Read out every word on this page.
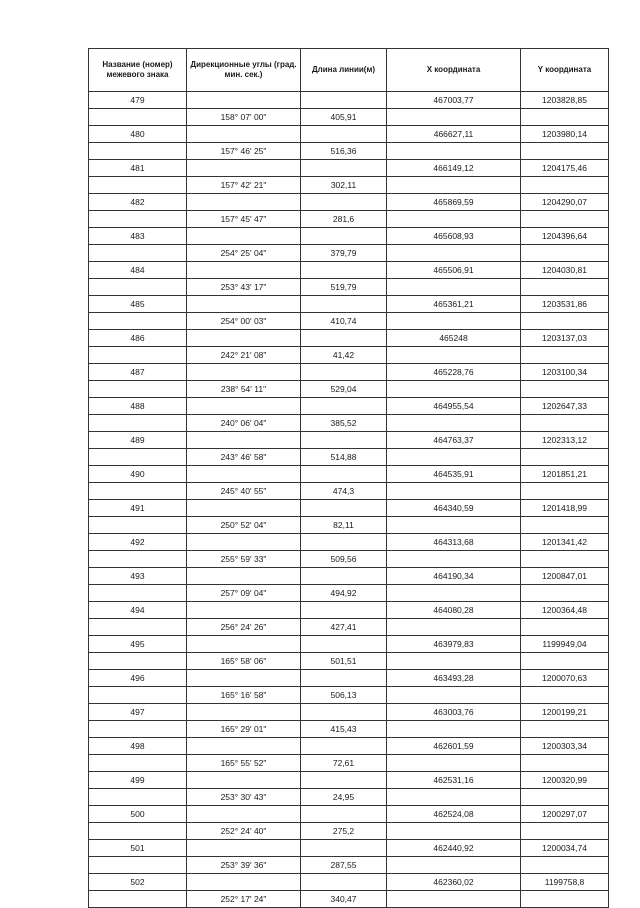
Название (номер) межевого знака	Дирекционные углы (град. мин. сек.)	Длина линии(м)	Х координата	Y координата
479			467003,77	1203828,85
	158° 07' 00"	405,91		
480			466627,11	1203980,14
	157° 46' 25"	516,36		
481			466149,12	1204175,46
	157° 42' 21"	302,11		
482			465869,59	1204290,07
	157° 45' 47"	281,6		
483			465608,93	1204396,64
	254° 25' 04"	379,79		
484			465506,91	1204030,81
	253° 43' 17"	519,79		
485			465361,21	1203531,86
	254° 00' 03"	410,74		
486			465248	1203137,03
	242° 21' 08"	41,42		
487			465228,76	1203100,34
	238° 54' 11"	529,04		
488			464955,54	1202647,33
	240° 06' 04"	385,52		
489			464763,37	1202313,12
	243° 46' 58"	514,88		
490			464535,91	1201851,21
	245° 40' 55"	474,3		
491			464340,59	1201418,99
	250° 52' 04"	82,11		
492			464313,68	1201341,42
	255° 59' 33"	509,56		
493			464190,34	1200847,01
	257° 09' 04"	494,92		
494			464080,28	1200364,48
	256° 24' 26"	427,41		
495			463979,83	1199949,04
	165° 58' 06"	501,51		
496			463493,28	1200070,63
	165° 16' 58"	506,13		
497			463003,76	1200199,21
	165° 29' 01"	415,43		
498			462601,59	1200303,34
	165° 55' 52"	72,61		
499			462531,16	1200320,99
	253° 30' 43"	24,95		
500			462524,08	1200297,07
	252° 24' 40"	275,2		
501			462440,92	1200034,74
	253° 39' 36"	287,55		
502			462360,02	1199758,8
	252° 17' 24"	340,47		
